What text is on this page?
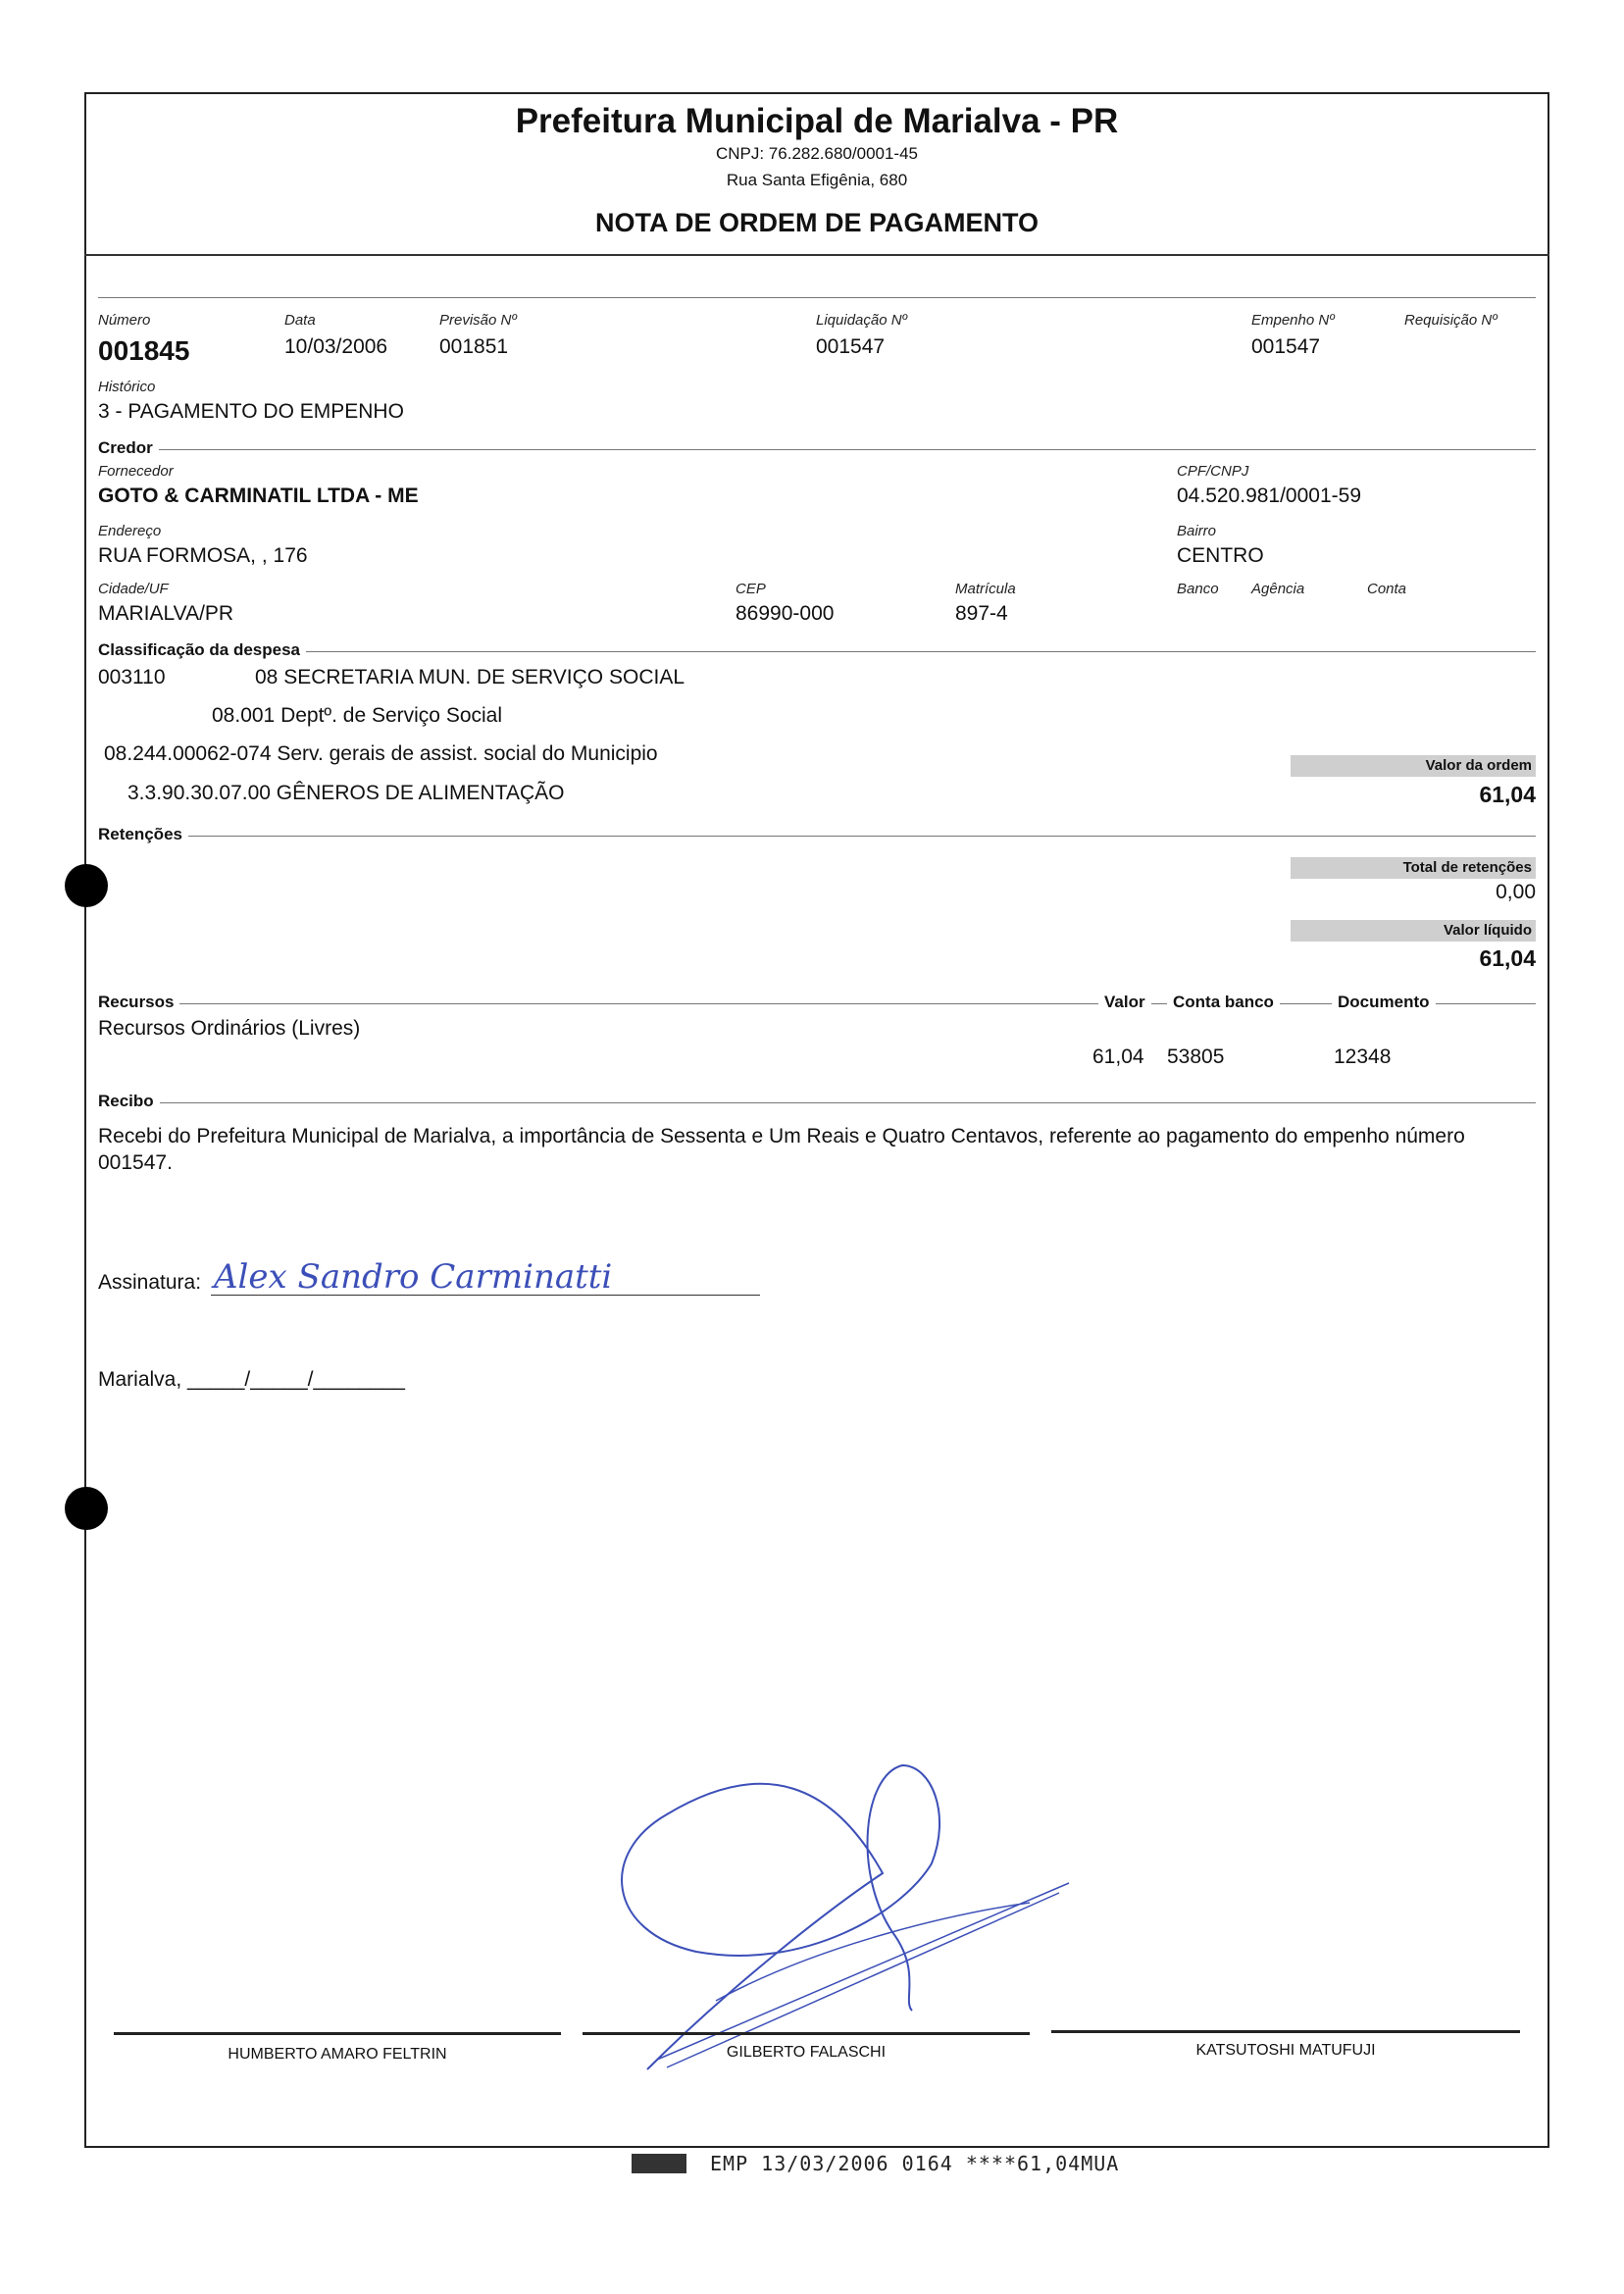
Prefeitura Municipal de Marialva - PR
CNPJ: 76.282.680/0001-45
Rua Santa Efigênia, 680
NOTA DE ORDEM DE PAGAMENTO
Número
001845
Data
10/03/2006
Previsão Nº
001851
Liquidação Nº
001547
Empenho Nº
001547
Requisição Nº
Histórico
3 - PAGAMENTO DO EMPENHO
Credor
Fornecedor
GOTO & CARMINATIL LTDA - ME
CPF/CNPJ
04.520.981/0001-59
Endereço
RUA FORMOSA, , 176
Bairro
CENTRO
Cidade/UF
MARIALVA/PR
CEP
86990-000
Matrícula
897-4
Banco Agência	Conta
Classificação da despesa
003110	08 SECRETARIA MUN. DE SERVIÇO SOCIAL
08.001 Deptº. de Serviço Social
08.244.00062-074 Serv. gerais de assist. social do Municipio
3.3.90.30.07.00 GÊNEROS DE ALIMENTAÇÃO
Valor da ordem
61,04
Retenções
Total de retenções
0,00
Valor líquido
61,04
Recursos	Valor	Conta banco	Documento
Recursos Ordinários (Livres)
61,04 53805	12348
Recibo
Recebi do Prefeitura Municipal de Marialva, a importância de Sessenta e Um Reais e Quatro Centavos, referente ao pagamento do empenho número 001547.
Assinatura: Alex Sandro Carminatti
Marialva, _____/_____/________
HUMBERTO AMARO FELTRIN	GILBERTO FALASCHI	KATSUTOSHI MATUFUJI
EMP 13/03/2006 0164 ****61,04MUA
